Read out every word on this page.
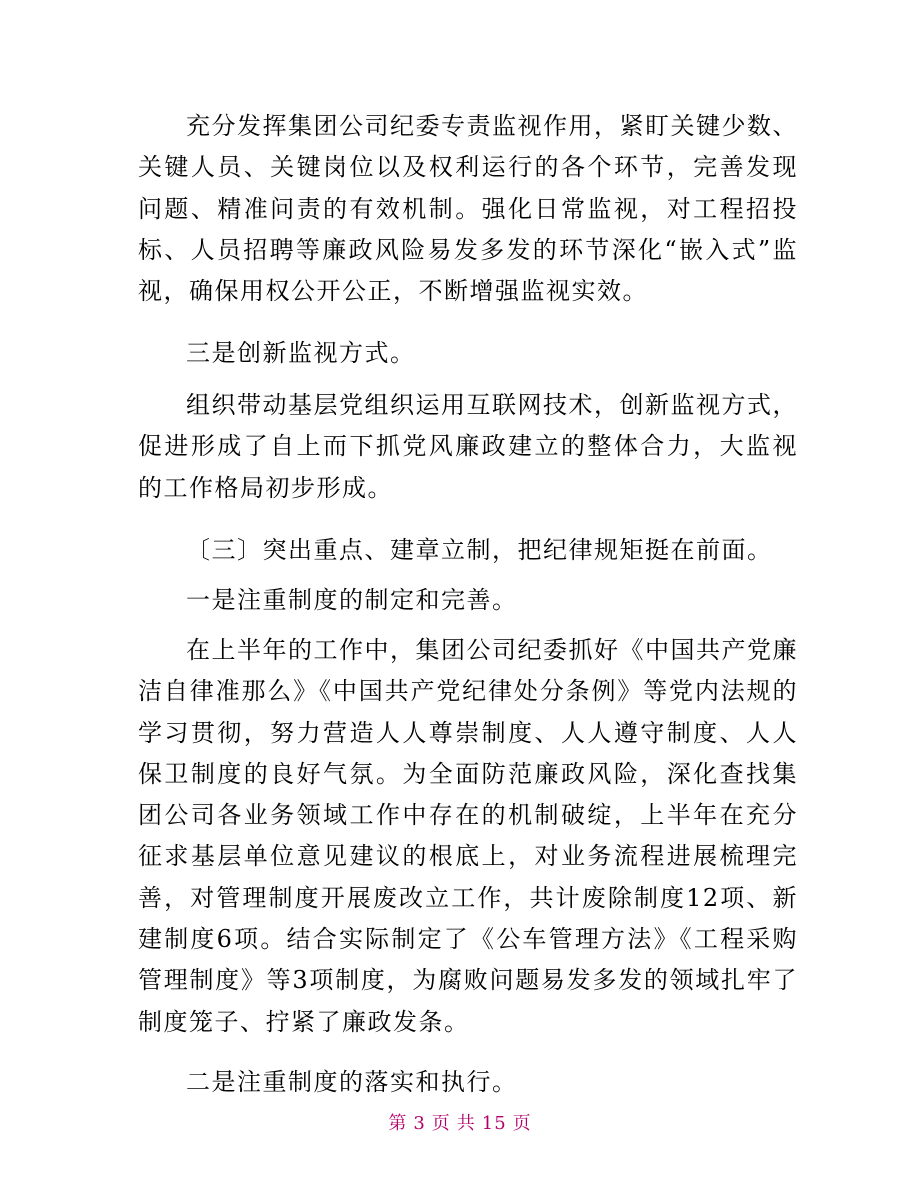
充分发挥集团公司纪委专责监视作用，紧盯关键少数、关键人员、关键岗位以及权利运行的各个环节，完善发现问题、精准问责的有效机制。强化日常监视，对工程招投标、人员招聘等廉政风险易发多发的环节深化“嵌入式”监视，确保用权公开公正，不断增强监视实效。

三是创新监视方式。

组织带动基层党组织运用互联网技术，创新监视方式，促进形成了自上而下抓党风廉政建立的整体合力，大监视的工作格局初步形成。

〔三〕突出重点、建章立制，把纪律规矩挺在前面。

一是注重制度的制定和完善。

在上半年的工作中，集团公司纪委抓好《中国共产党廉洁自律准那么》《中国共产党纪律处分条例》等党内法规的学习贯彻，努力营造人人尊崇制度、人人遵守制度、人人保卫制度的良好气氛。为全面防范廉政风险，深化查找集团公司各业务领域工作中存在的机制破绽，上半年在充分征求基层单位意见建议的根底上，对业务流程进展梳理完善，对管理制度开展废改立工作，共计废除制度12项、新建制度6项。结合实际制定了《公车管理方法》《工程采购管理制度》等3项制度，为腐败问题易发多发的领域扎牢了制度笼子、拧紧了廉政发条。

二是注重制度的落实和执行。

第 3 页 共 15 页
